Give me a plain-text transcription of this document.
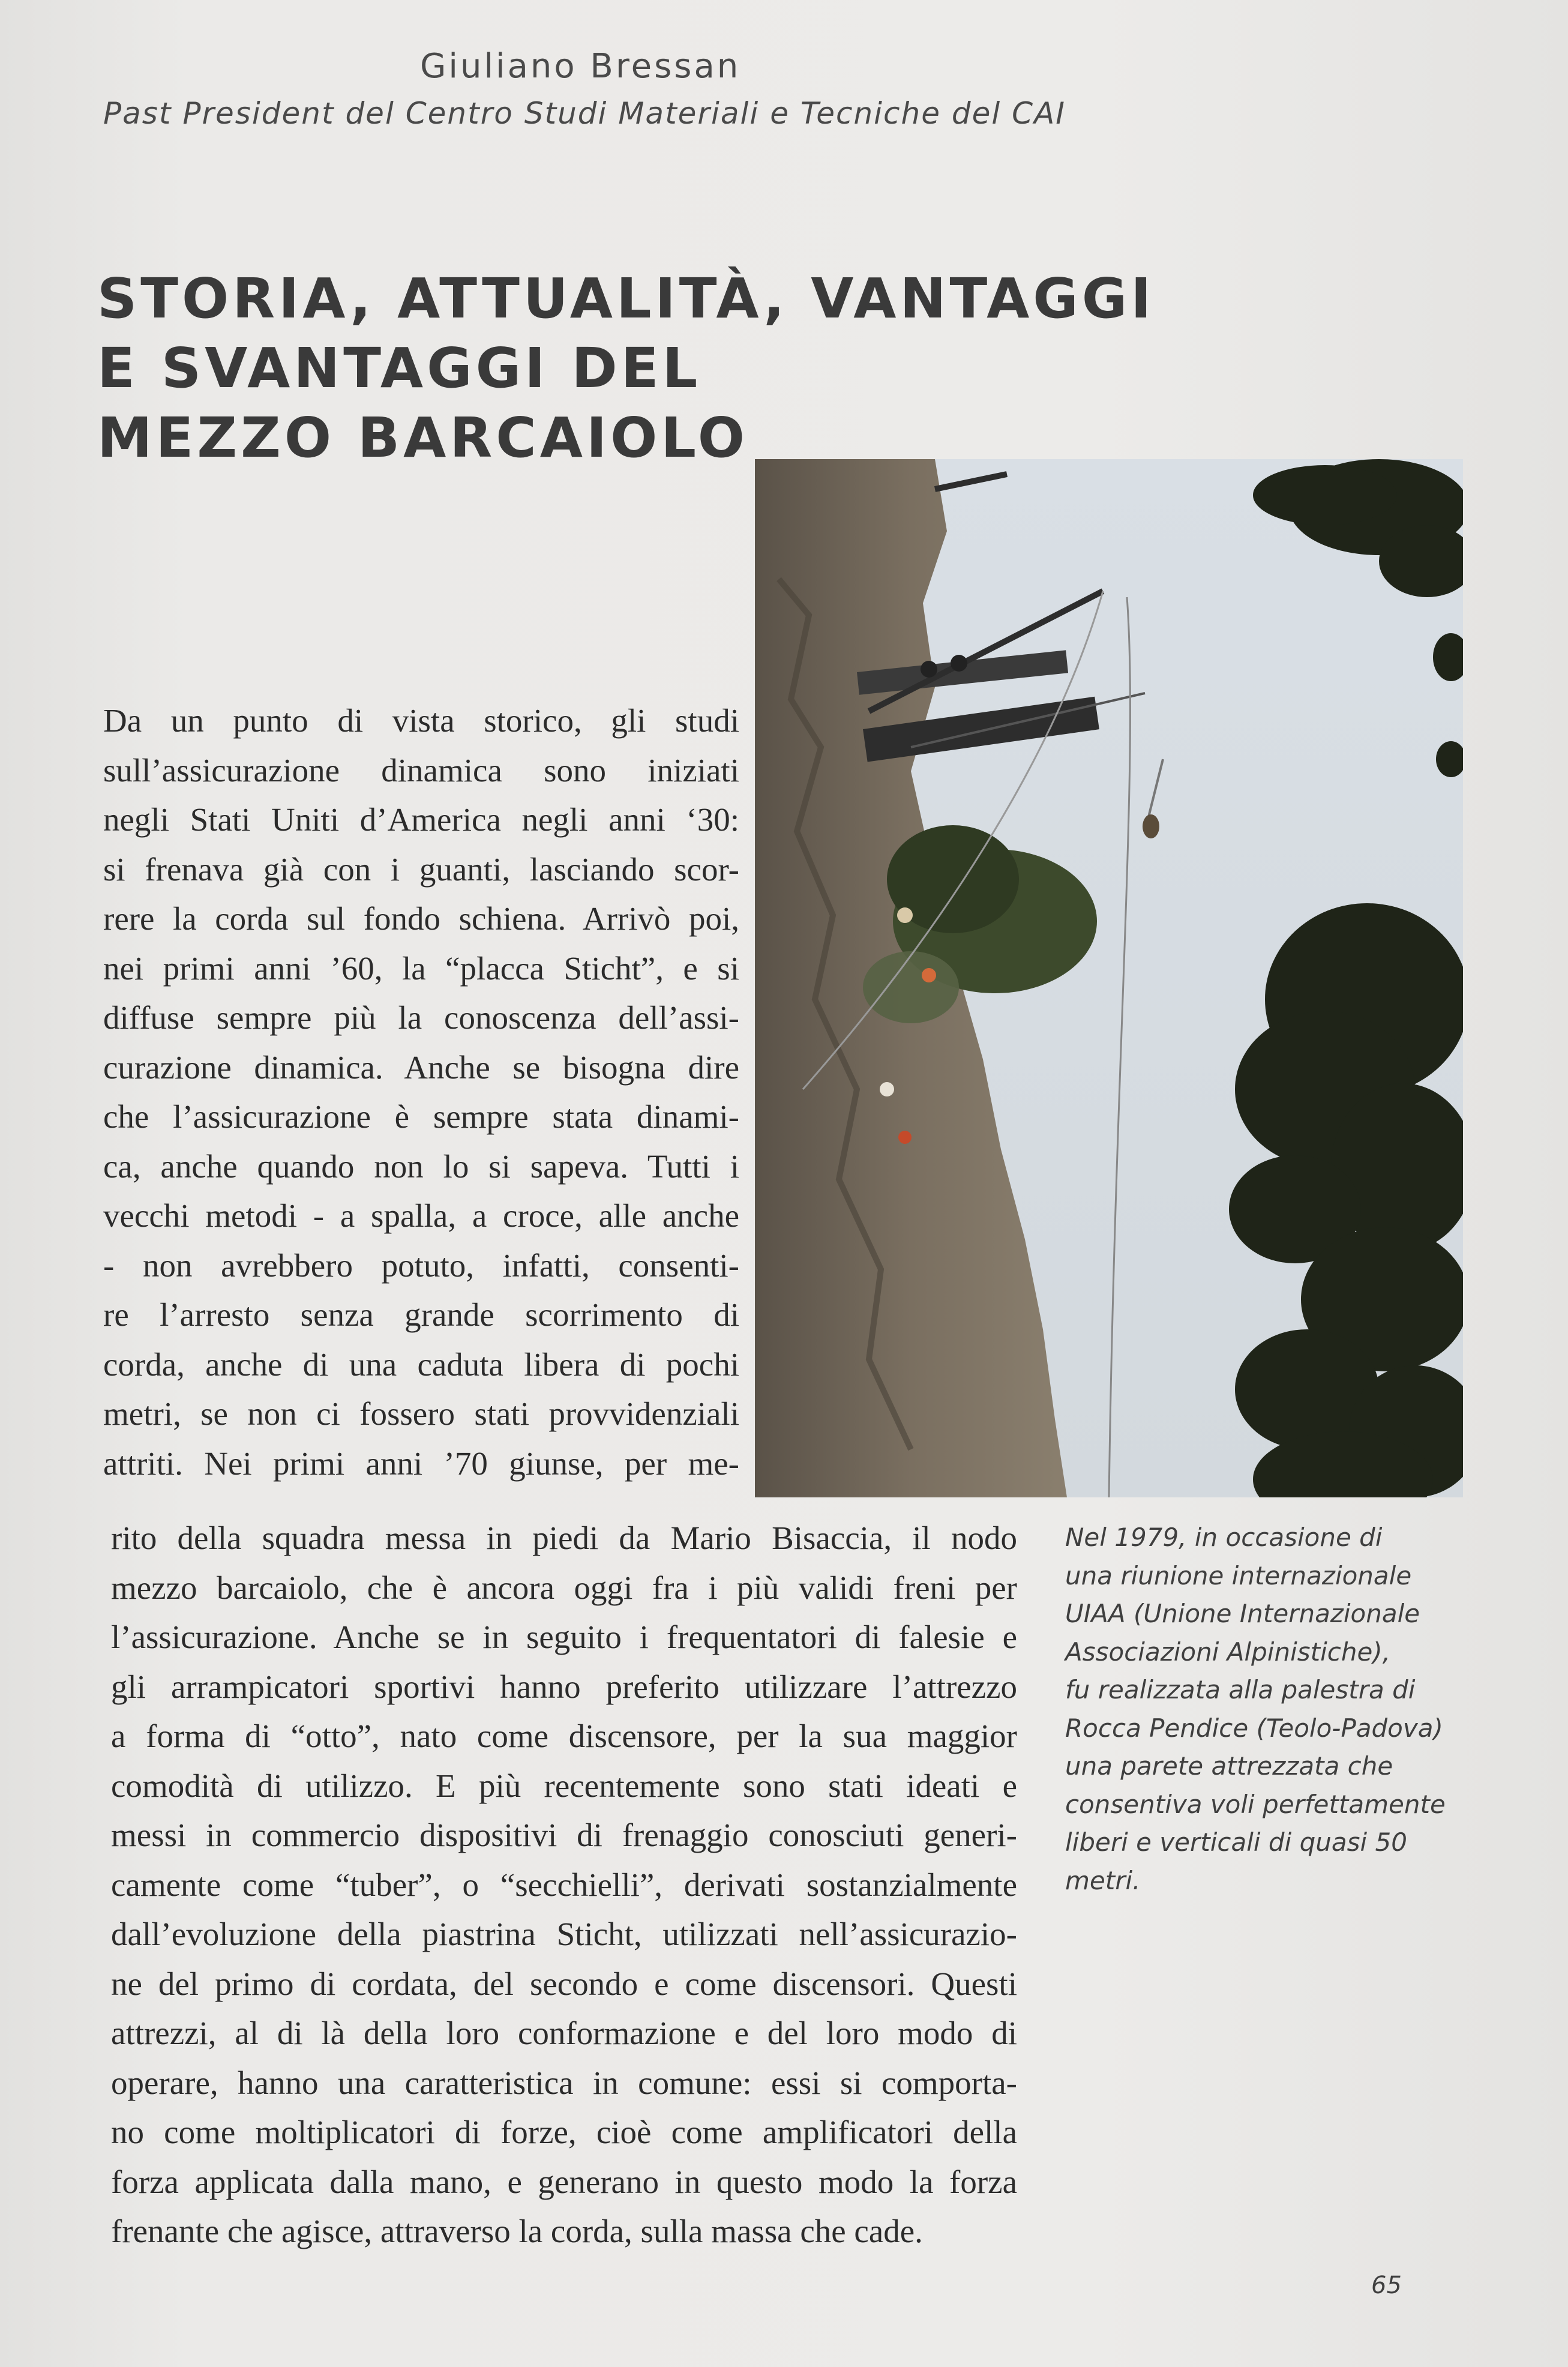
Giuliano Bressan
Past President del Centro Studi Materiali e Tecniche del CAI
STORIA, ATTUALITÀ, VANTAGGI
E SVANTAGGI DEL
MEZZO BARCAIOLO
Da un punto di vista storico, gli studi
sull’assicurazione dinamica sono iniziati
negli Stati Uniti d’America negli anni ‘30:
si frenava già con i guanti, lasciando scor-
rere la corda sul fondo schiena. Arrivò poi,
nei primi anni ’60, la “placca Sticht”, e si
diffuse sempre più la conoscenza dell’assi-
curazione dinamica. Anche se bisogna dire
che l’assicurazione è sempre stata dinami-
ca, anche quando non lo si sapeva. Tutti i
vecchi metodi - a spalla, a croce, alle anche
- non avrebbero potuto, infatti, consenti-
re l’arresto senza grande scorrimento di
corda, anche di una caduta libera di pochi
metri, se non ci fossero stati provvidenziali
attriti. Nei primi anni ’70 giunse, per me-
rito della squadra messa in piedi da Mario Bisaccia, il nodo
mezzo barcaiolo, che è ancora oggi fra i più validi freni per
l’assicurazione. Anche se in seguito i frequentatori di falesie e
gli arrampicatori sportivi hanno preferito utilizzare l’attrezzo
a forma di “otto”, nato come discensore, per la sua maggior
comodità di utilizzo. E più recentemente sono stati ideati e
messi in commercio dispositivi di frenaggio conosciuti generi-
camente come “tuber”, o “secchielli”, derivati sostanzialmente
dall’evoluzione della piastrina Sticht, utilizzati nell’assicurazio-
ne del primo di cordata, del secondo e come discensori. Questi
attrezzi, al di là della loro conformazione e del loro modo di
operare, hanno una caratteristica in comune: essi si comporta-
no come moltiplicatori di forze, cioè come amplificatori della
forza applicata dalla mano, e generano in questo modo la forza
frenante che agisce, attraverso la corda, sulla massa che cade.
Nel 1979, in occasione di
una riunione internazionale
UIAA (Unione Internazionale
Associazioni Alpinistiche),
fu realizzata alla palestra di
Rocca Pendice (Teolo-Padova)
una parete attrezzata che
consentiva voli perfettamente
liberi e verticali di quasi 50
metri.
65
